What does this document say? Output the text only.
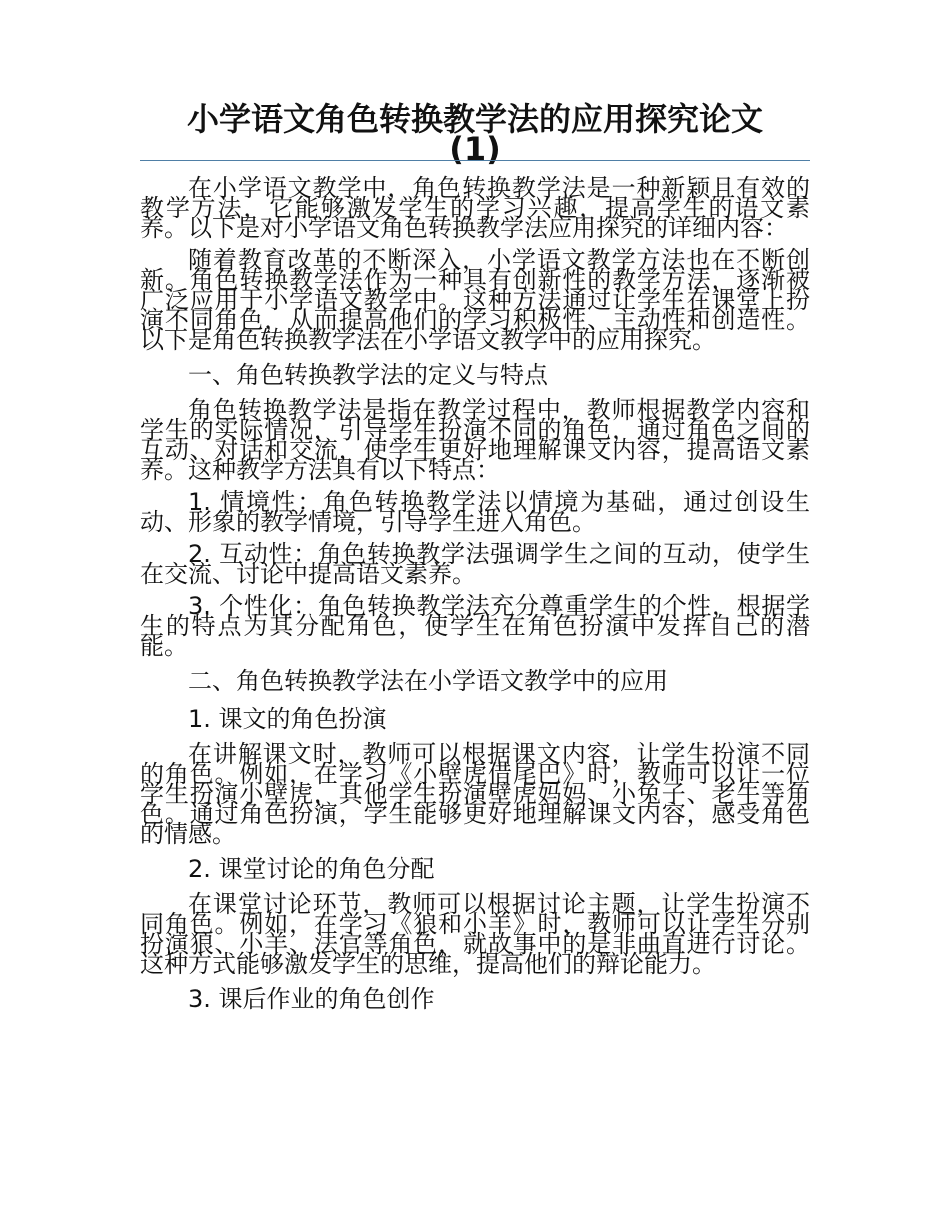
小学语文角色转换教学法的应用探究论文
(1)

在小学语文教学中，角色转换教学法是一种新颖且有效的教学方法，它能够激发学生的学习兴趣，提高学生的语文素养。以下是对小学语文角色转换教学法应用探究的详细内容：

随着教育改革的不断深入，小学语文教学方法也在不断创新。角色转换教学法作为一种具有创新性的教学方法，逐渐被广泛应用于小学语文教学中。这种方法通过让学生在课堂上扮演不同角色，从而提高他们的学习积极性、主动性和创造性。以下是角色转换教学法在小学语文教学中的应用探究。

一、角色转换教学法的定义与特点

角色转换教学法是指在教学过程中，教师根据教学内容和学生的实际情况，引导学生扮演不同的角色，通过角色之间的互动、对话和交流，使学生更好地理解课文内容，提高语文素养。这种教学方法具有以下特点：

1. 情境性：角色转换教学法以情境为基础，通过创设生动、形象的教学情境，引导学生进入角色。

2. 互动性：角色转换教学法强调学生之间的互动，使学生在交流、讨论中提高语文素养。

3. 个性化：角色转换教学法充分尊重学生的个性，根据学生的特点为其分配角色，使学生在角色扮演中发挥自己的潜能。

二、角色转换教学法在小学语文教学中的应用

1. 课文的角色扮演

在讲解课文时，教师可以根据课文内容，让学生扮演不同的角色。例如，在学习《小壁虎借尾巴》时，教师可以让一位学生扮演小壁虎，其他学生扮演壁虎妈妈、小兔子、老牛等角色。通过角色扮演，学生能够更好地理解课文内容，感受角色的情感。

2. 课堂讨论的角色分配

在课堂讨论环节，教师可以根据讨论主题，让学生扮演不同角色。例如，在学习《狼和小羊》时，教师可以让学生分别扮演狼、小羊、法官等角色，就故事中的是非曲直进行讨论。这种方式能够激发学生的思维，提高他们的辩论能力。

3. 课后作业的角色创作
